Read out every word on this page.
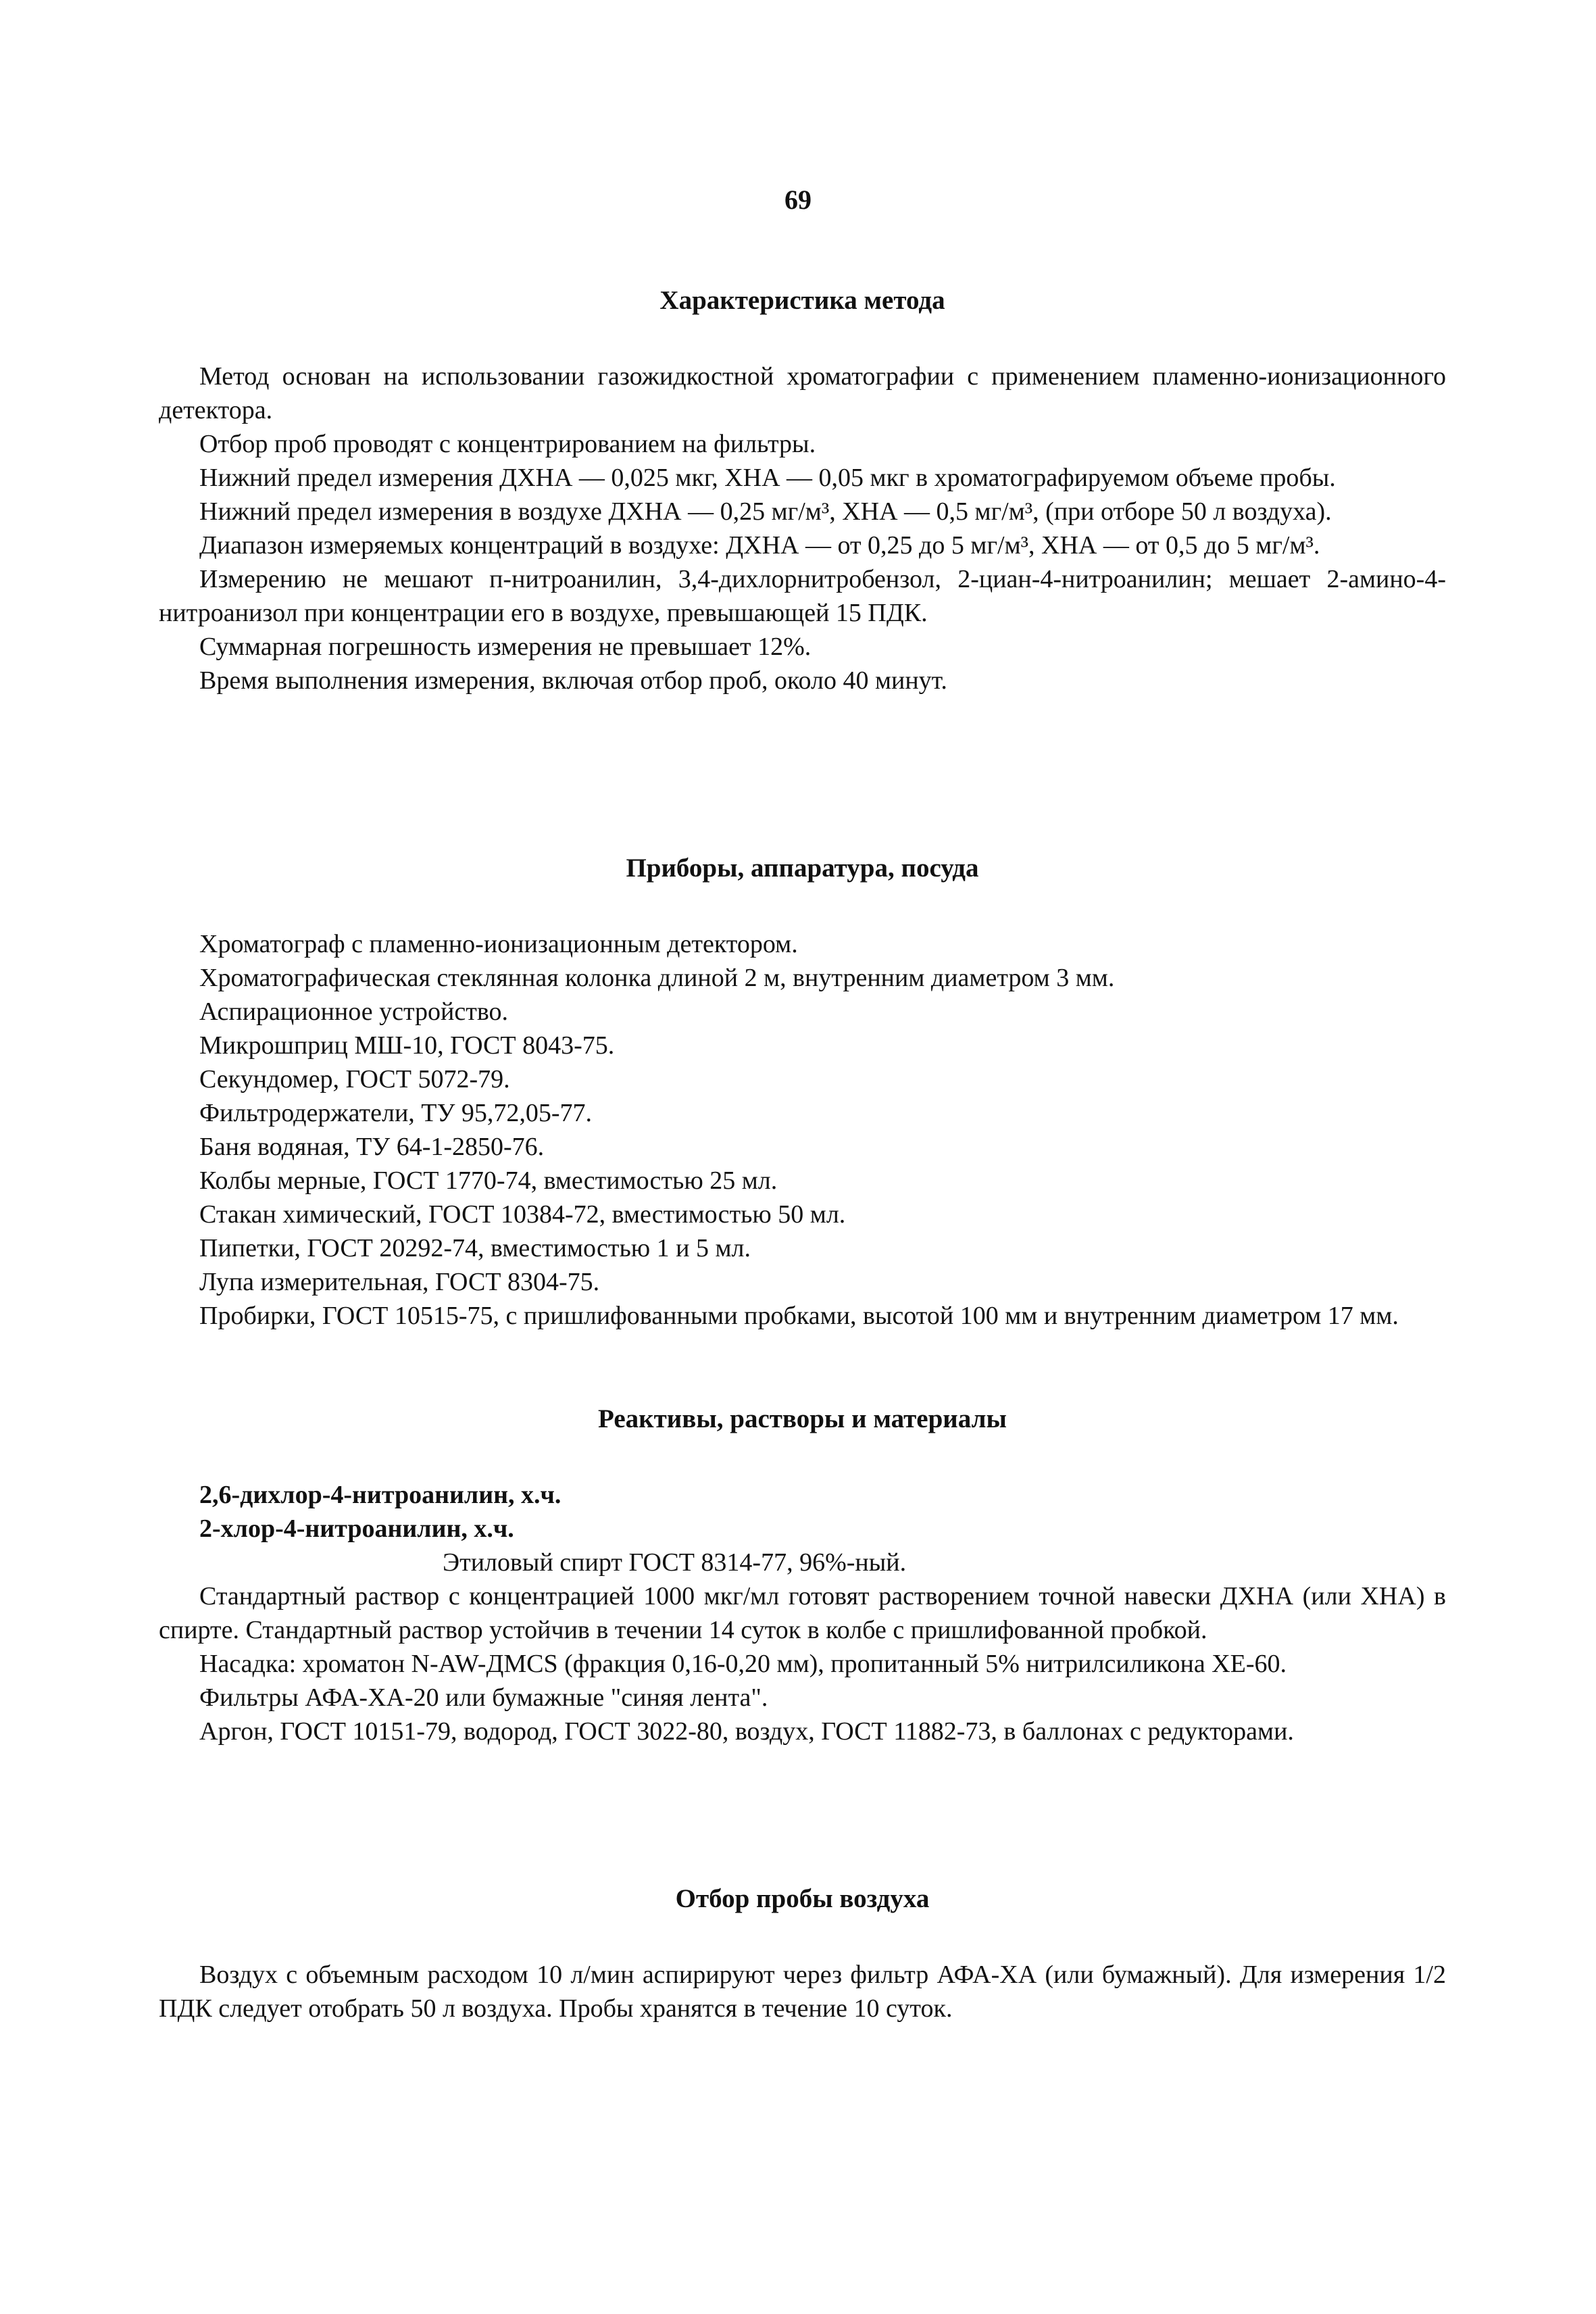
69
Характеристика метода

Метод основан на использовании газожидкостной хроматографии с применением пламенно-ионизационного детектора.

Отбор проб проводят с концентрированием на фильтры.

Нижний предел измерения ДХНА — 0,025 мкг, ХНА — 0,05 мкг в хроматографируемом объеме пробы.

Нижний предел измерения в воздухе ДХНА — 0,25 мг/м³, ХНА — 0,5 мг/м³, (при отборе 50 л воздуха).

Диапазон измеряемых концентраций в воздухе: ДХНА — от 0,25 до 5 мг/м³, ХНА — от 0,5 до 5 мг/м³.

Измерению не мешают п-нитроанилин, 3,4-дихлорнитробензол, 2-циан-4-нитроанилин; мешает 2-амино-4-нитроанизол при концентрации его в воздухе, превышающей 15 ПДК.

Суммарная погрешность измерения не превышает 12%.

Время выполнения измерения, включая отбор проб, около 40 минут.

Приборы, аппаратура, посуда

Хроматограф с пламенно-ионизационным детектором.

Хроматографическая стеклянная колонка длиной 2 м, внутренним диаметром 3 мм.

Аспирационное устройство.

Микрошприц МШ-10, ГОСТ 8043-75.

Секундомер, ГОСТ 5072-79.

Фильтродержатели, ТУ 95,72,05-77.

Баня водяная, ТУ 64-1-2850-76.

Колбы мерные, ГОСТ 1770-74, вместимостью 25 мл.

Стакан химический, ГОСТ 10384-72, вместимостью 50 мл.

Пипетки, ГОСТ 20292-74, вместимостью 1 и 5 мл.

Лупа измерительная, ГОСТ 8304-75.

Пробирки, ГОСТ 10515-75, с пришлифованными пробками, высотой 100 мм и внутренним диаметром 17 мм.

Реактивы, растворы и материалы

2,6-дихлор-4-нитроанилин, х.ч.

2-хлор-4-нитроанилин, х.ч.

Этиловый спирт ГОСТ 8314-77, 96%-ный.

Стандартный раствор с концентрацией 1000 мкг/мл готовят растворением точной навески ДХНА (или ХНА) в спирте. Стандартный раствор устойчив в течении 14 суток в колбе с пришлифованной пробкой.

Насадка: хроматон N-AW-ДМСS (фракция 0,16-0,20 мм), пропитанный 5% нитрилсиликона ХЕ-60.

Фильтры АФА-ХА-20 или бумажные "синяя лента".

Аргон, ГОСТ 10151-79, водород, ГОСТ 3022-80, воздух, ГОСТ 11882-73, в баллонах с редукторами.

Отбор пробы воздуха

Воздух с объемным расходом 10 л/мин аспирируют через фильтр АФА-ХА (или бумажный). Для измерения 1/2 ПДК следует отобрать 50 л воздуха. Пробы хранятся в течение 10 суток.
